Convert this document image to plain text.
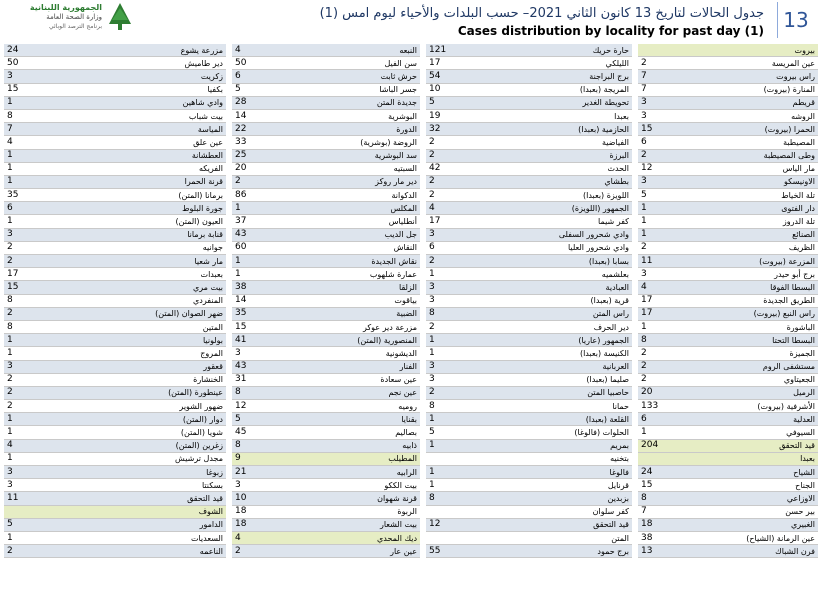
الجمهورية اللبنانية
وزارة الصحة العامة
برنامج الترصد الوبائي
جدول الحالات لتاريخ 13 كانون الثاني 2021– حسب البلدات والأحياء ليوم امس (1)
Cases distribution by locality for past day (1) 13
24	مزرعة يشوع		4	النبعه		121	حارة حريك			بيروت
50	دير طاميش		50	سن الفيل		17	الليلكي		2	عين المريسة
3	زكريت		6	حرش ثابت		54	برج البراجنة		7	راس بيروت
15	بكفيا		5	جسر الباشا		10	المريجة (بعبدا)		7	المنارة (بيروت)
1	وادي شاهين		28	جديدة المتن		5	تحويطة الغدير		3	قريطم
8	بيت شباب		14	البوشرية		19	بعبدا		3	الروشه
7	المياسة		22	الدورة		32	الحازمية (بعبدا)		15	الحمرا (بيروت)
4	عين علق		33	الروضة (بوشرية)		2	الفياضية		6	المصيطبة
1	العطشانة		25	سد البوشرية		2	البرزة		2	وطى المصيطبة
1	الفريكه		20	السبتيه		42	الحدث		12	مار الياس
1	قرنة الحمرا		2	دير مار روكز		2	بطشاي		3	الاونيسكو
35	برمانا (المتن)		86	الدكوانة		2	اللويزة (بعبدا)		5	تلة الخياط
6	جورة البلوط		1	المكلس		4	الجمهور (اللويزة)		1	دار الفتوى
1	العيون (المتن)		37	أنطلياس		17	كفر شيما		1	تلة الدروز
3	قنابة برمانا		43	جل الديب		3	وادي شحرور السفلى		1	الصنائع
2	جوانيه		60	النقاش		6	وادي شحرور العليا		2	الظريف
2	مار شعيا		1	نقاش الجديدة		2	بسابا (بعبدا)		11	المزرعة (بيروت)
17	بعبدات		1	عمارة شلهوب		1	بعلشميه		3	برج أبو حيدر
15	بيت مري		38	الزلقا		3	العبادية		4	البسطا الفوقا
8	المنفردي		14	بياقوت		3	قرية (بعبدا)		17	الطريق الجديدة
2	ضهر الصوان (المتن)		35	الضبية		8	راس المتن		17	راس النبع (بيروت)
8	المتين		15	مزرعة دير عوكر		2	دير الحرف		1	الباشورة
1	بولونيا		41	المنصورية (المتن)		1	الجمهور (عاريا)		8	البسطا التحتا
1	المروج		3	الديشونية		1	الكنيسة (بعبدا)		2	الجميزة
3	قعقور		43	الفنار		3	العربانية		2	مستشفى الروم
2	الخنشارة		31	عين سعادة		3	صليما (بعبدا)		2	الجعيتاوي
2	عينطورة (المتن)		8	عين نجم		2	حاصبيا المتن		20	الرميل
2	ضهور الشوير		12	روميه		8	حمانا		133	الأشرفية (بيروت)
1	دوار (المتن)		5	بقنايا		1	القلعة (بعبدا)		6	العدلية
1	شويا (المتن)		45	بصاليم		5	الحلوات (فالوغا)		1	السيوفي
4	زغرين (المتن)		8	ذابيه		1	بمريم		204	قيد التحقق
1	مجدل ترشيش		9	المطيلب			بتخنيه			بعبدا
3	زبوغا		21	الرابيه		1	فالوغا		24	الشياح
3	بسكنتا		3	بيت الككو		1	قرنايل		15	الجناح
11	قيد التحقق		10	قرنة شهوان		8	بزبدين		8	الاوزاعي
	الشوف		18	الربوة			كفر سلوان		7	بير حسن
5	الدامور		18	بيت الشعار		12	قيد التحقق		18	الغبيري
1	السعديات		4	ديك المحدي			المتن		38	عين الرمانة (الشياح)
2	الناعمه		2	عين عار		55	برج حمود		13	فرن الشباك
